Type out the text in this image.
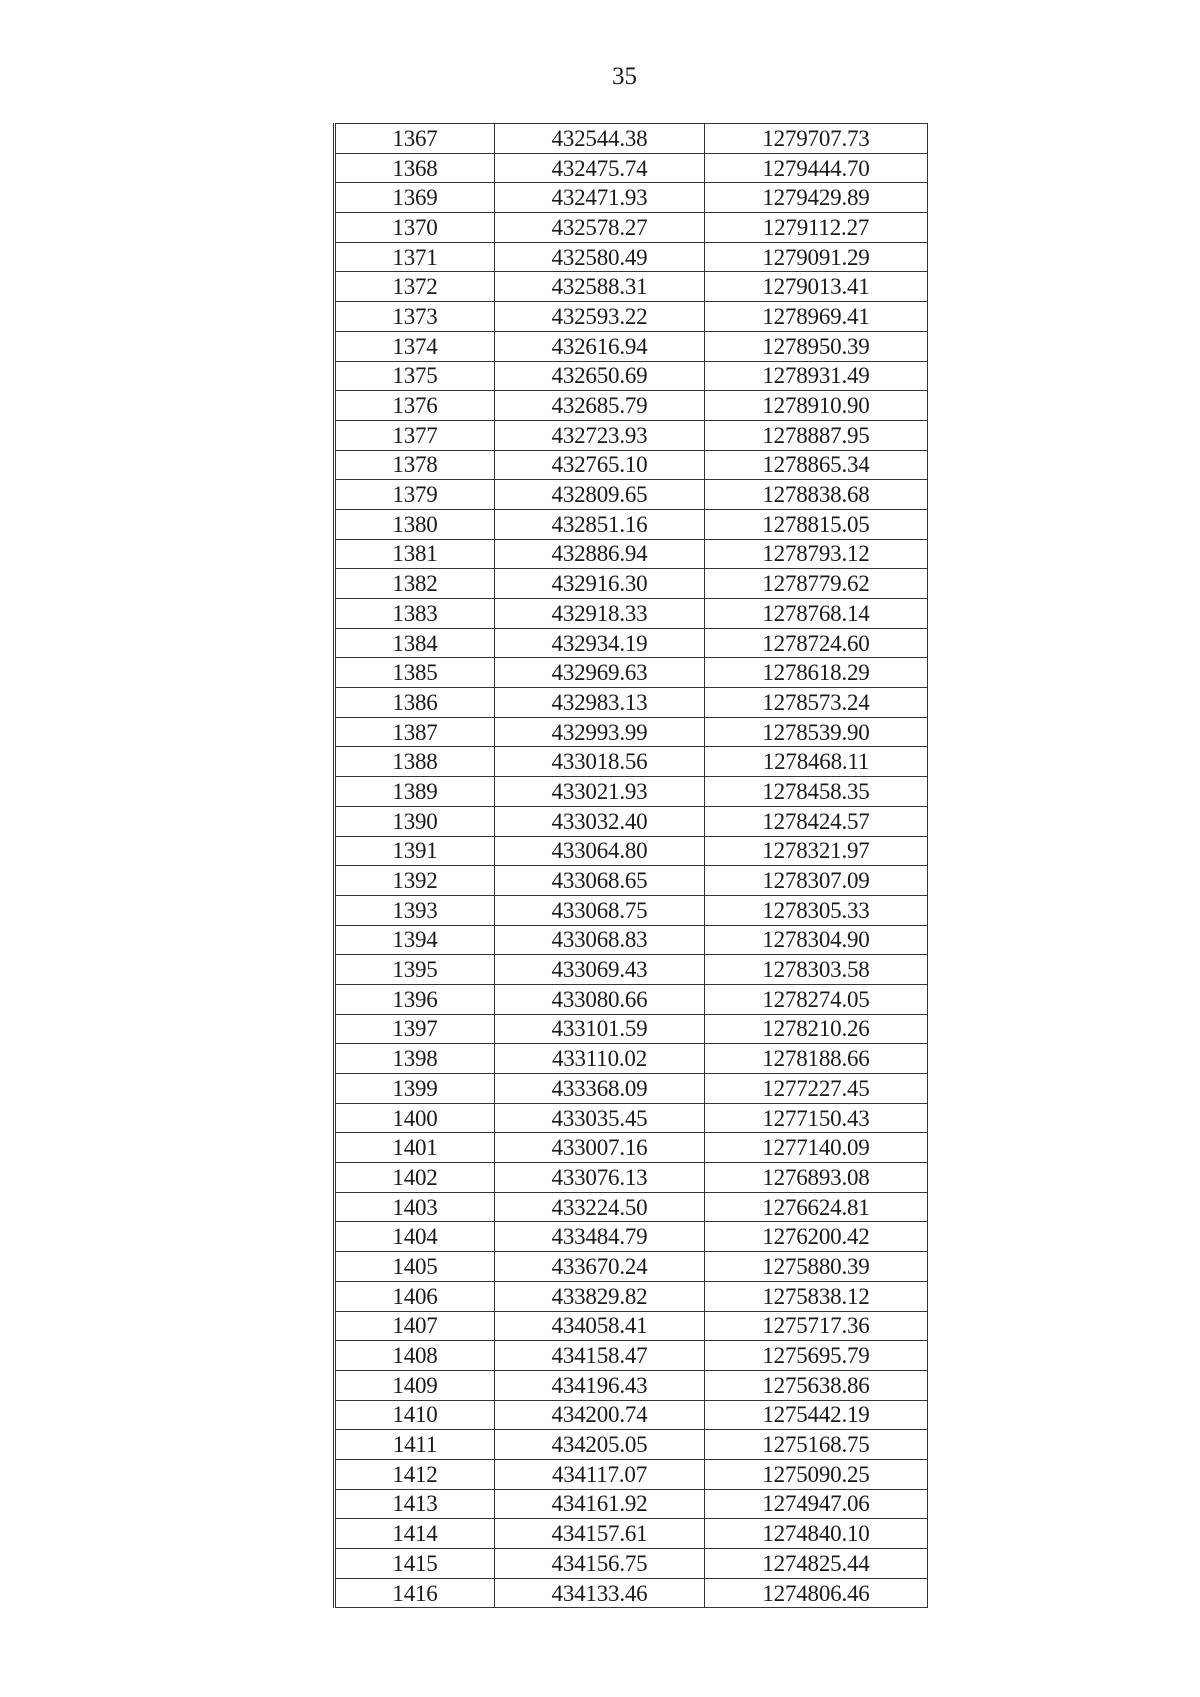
35
1367	432544.38	1279707.73
1368	432475.74	1279444.70
1369	432471.93	1279429.89
1370	432578.27	1279112.27
1371	432580.49	1279091.29
1372	432588.31	1279013.41
1373	432593.22	1278969.41
1374	432616.94	1278950.39
1375	432650.69	1278931.49
1376	432685.79	1278910.90
1377	432723.93	1278887.95
1378	432765.10	1278865.34
1379	432809.65	1278838.68
1380	432851.16	1278815.05
1381	432886.94	1278793.12
1382	432916.30	1278779.62
1383	432918.33	1278768.14
1384	432934.19	1278724.60
1385	432969.63	1278618.29
1386	432983.13	1278573.24
1387	432993.99	1278539.90
1388	433018.56	1278468.11
1389	433021.93	1278458.35
1390	433032.40	1278424.57
1391	433064.80	1278321.97
1392	433068.65	1278307.09
1393	433068.75	1278305.33
1394	433068.83	1278304.90
1395	433069.43	1278303.58
1396	433080.66	1278274.05
1397	433101.59	1278210.26
1398	433110.02	1278188.66
1399	433368.09	1277227.45
1400	433035.45	1277150.43
1401	433007.16	1277140.09
1402	433076.13	1276893.08
1403	433224.50	1276624.81
1404	433484.79	1276200.42
1405	433670.24	1275880.39
1406	433829.82	1275838.12
1407	434058.41	1275717.36
1408	434158.47	1275695.79
1409	434196.43	1275638.86
1410	434200.74	1275442.19
1411	434205.05	1275168.75
1412	434117.07	1275090.25
1413	434161.92	1274947.06
1414	434157.61	1274840.10
1415	434156.75	1274825.44
1416	434133.46	1274806.46
